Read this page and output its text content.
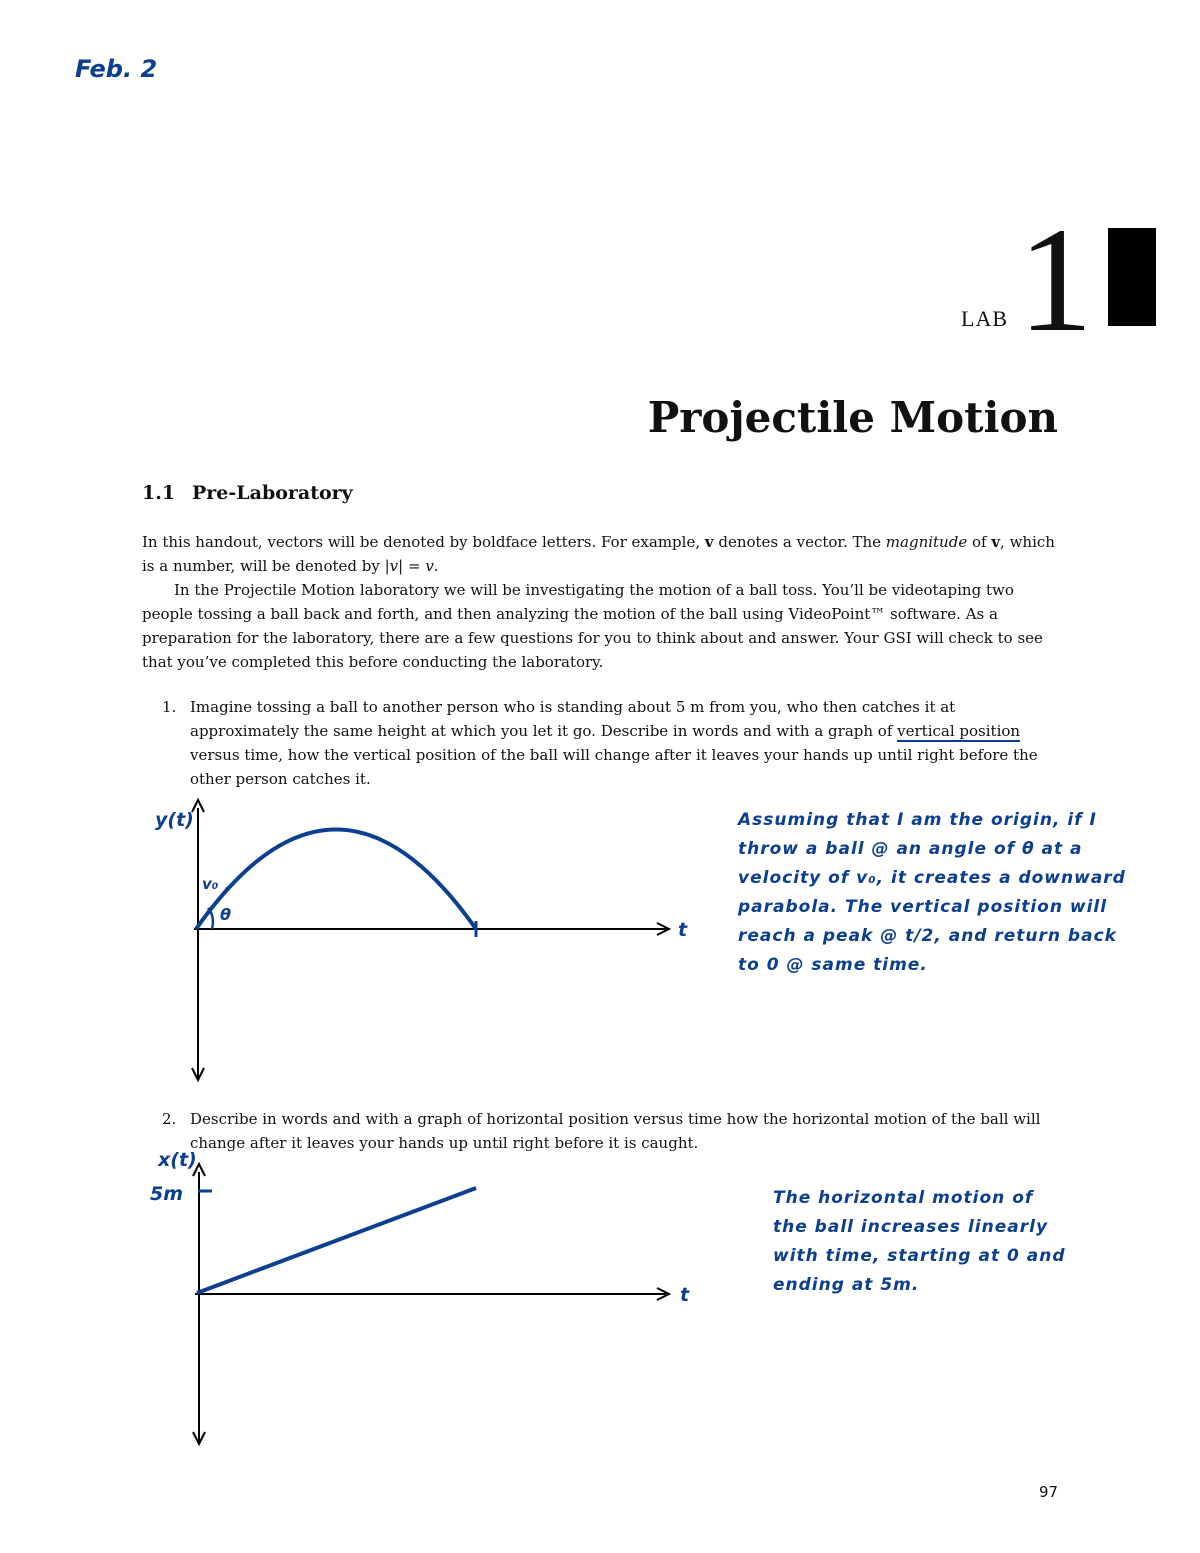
Feb. 2
LAB 1
Projectile Motion
1.1 Pre-Laboratory
In this handout, vectors will be denoted by boldface letters. For example, v denotes a vector. The magnitude of v, which is a number, will be denoted by |v| = v.
In the Projectile Motion laboratory we will be investigating the motion of a ball toss. You’ll be videotaping two people tossing a ball back and forth, and then analyzing the motion of the ball using VideoPoint™ software. As a preparation for the laboratory, there are a few questions for you to think about and answer. Your GSI will check to see that you’ve completed this before conducting the laboratory.
1. Imagine tossing a ball to another person who is standing about 5 m from you, who then catches it at approximately the same height at which you let it go. Describe in words and with a graph of vertical position versus time, how the vertical position of the ball will change after it leaves your hands up until right before the other person catches it.
y(t)
t
v₀
θ
Assuming that I am the origin, if I throw a ball @ an angle of θ at a velocity of v₀, it creates a downward parabola. The vertical position will reach a peak @ t/2, and return back to 0 @ same time.
2. Describe in words and with a graph of horizontal position versus time how the horizontal motion of the ball will change after it leaves your hands up until right before it is caught.
x(t)
5m
t
The horizontal motion of the ball increases linearly with time, starting at 0 and ending at 5m.
97
